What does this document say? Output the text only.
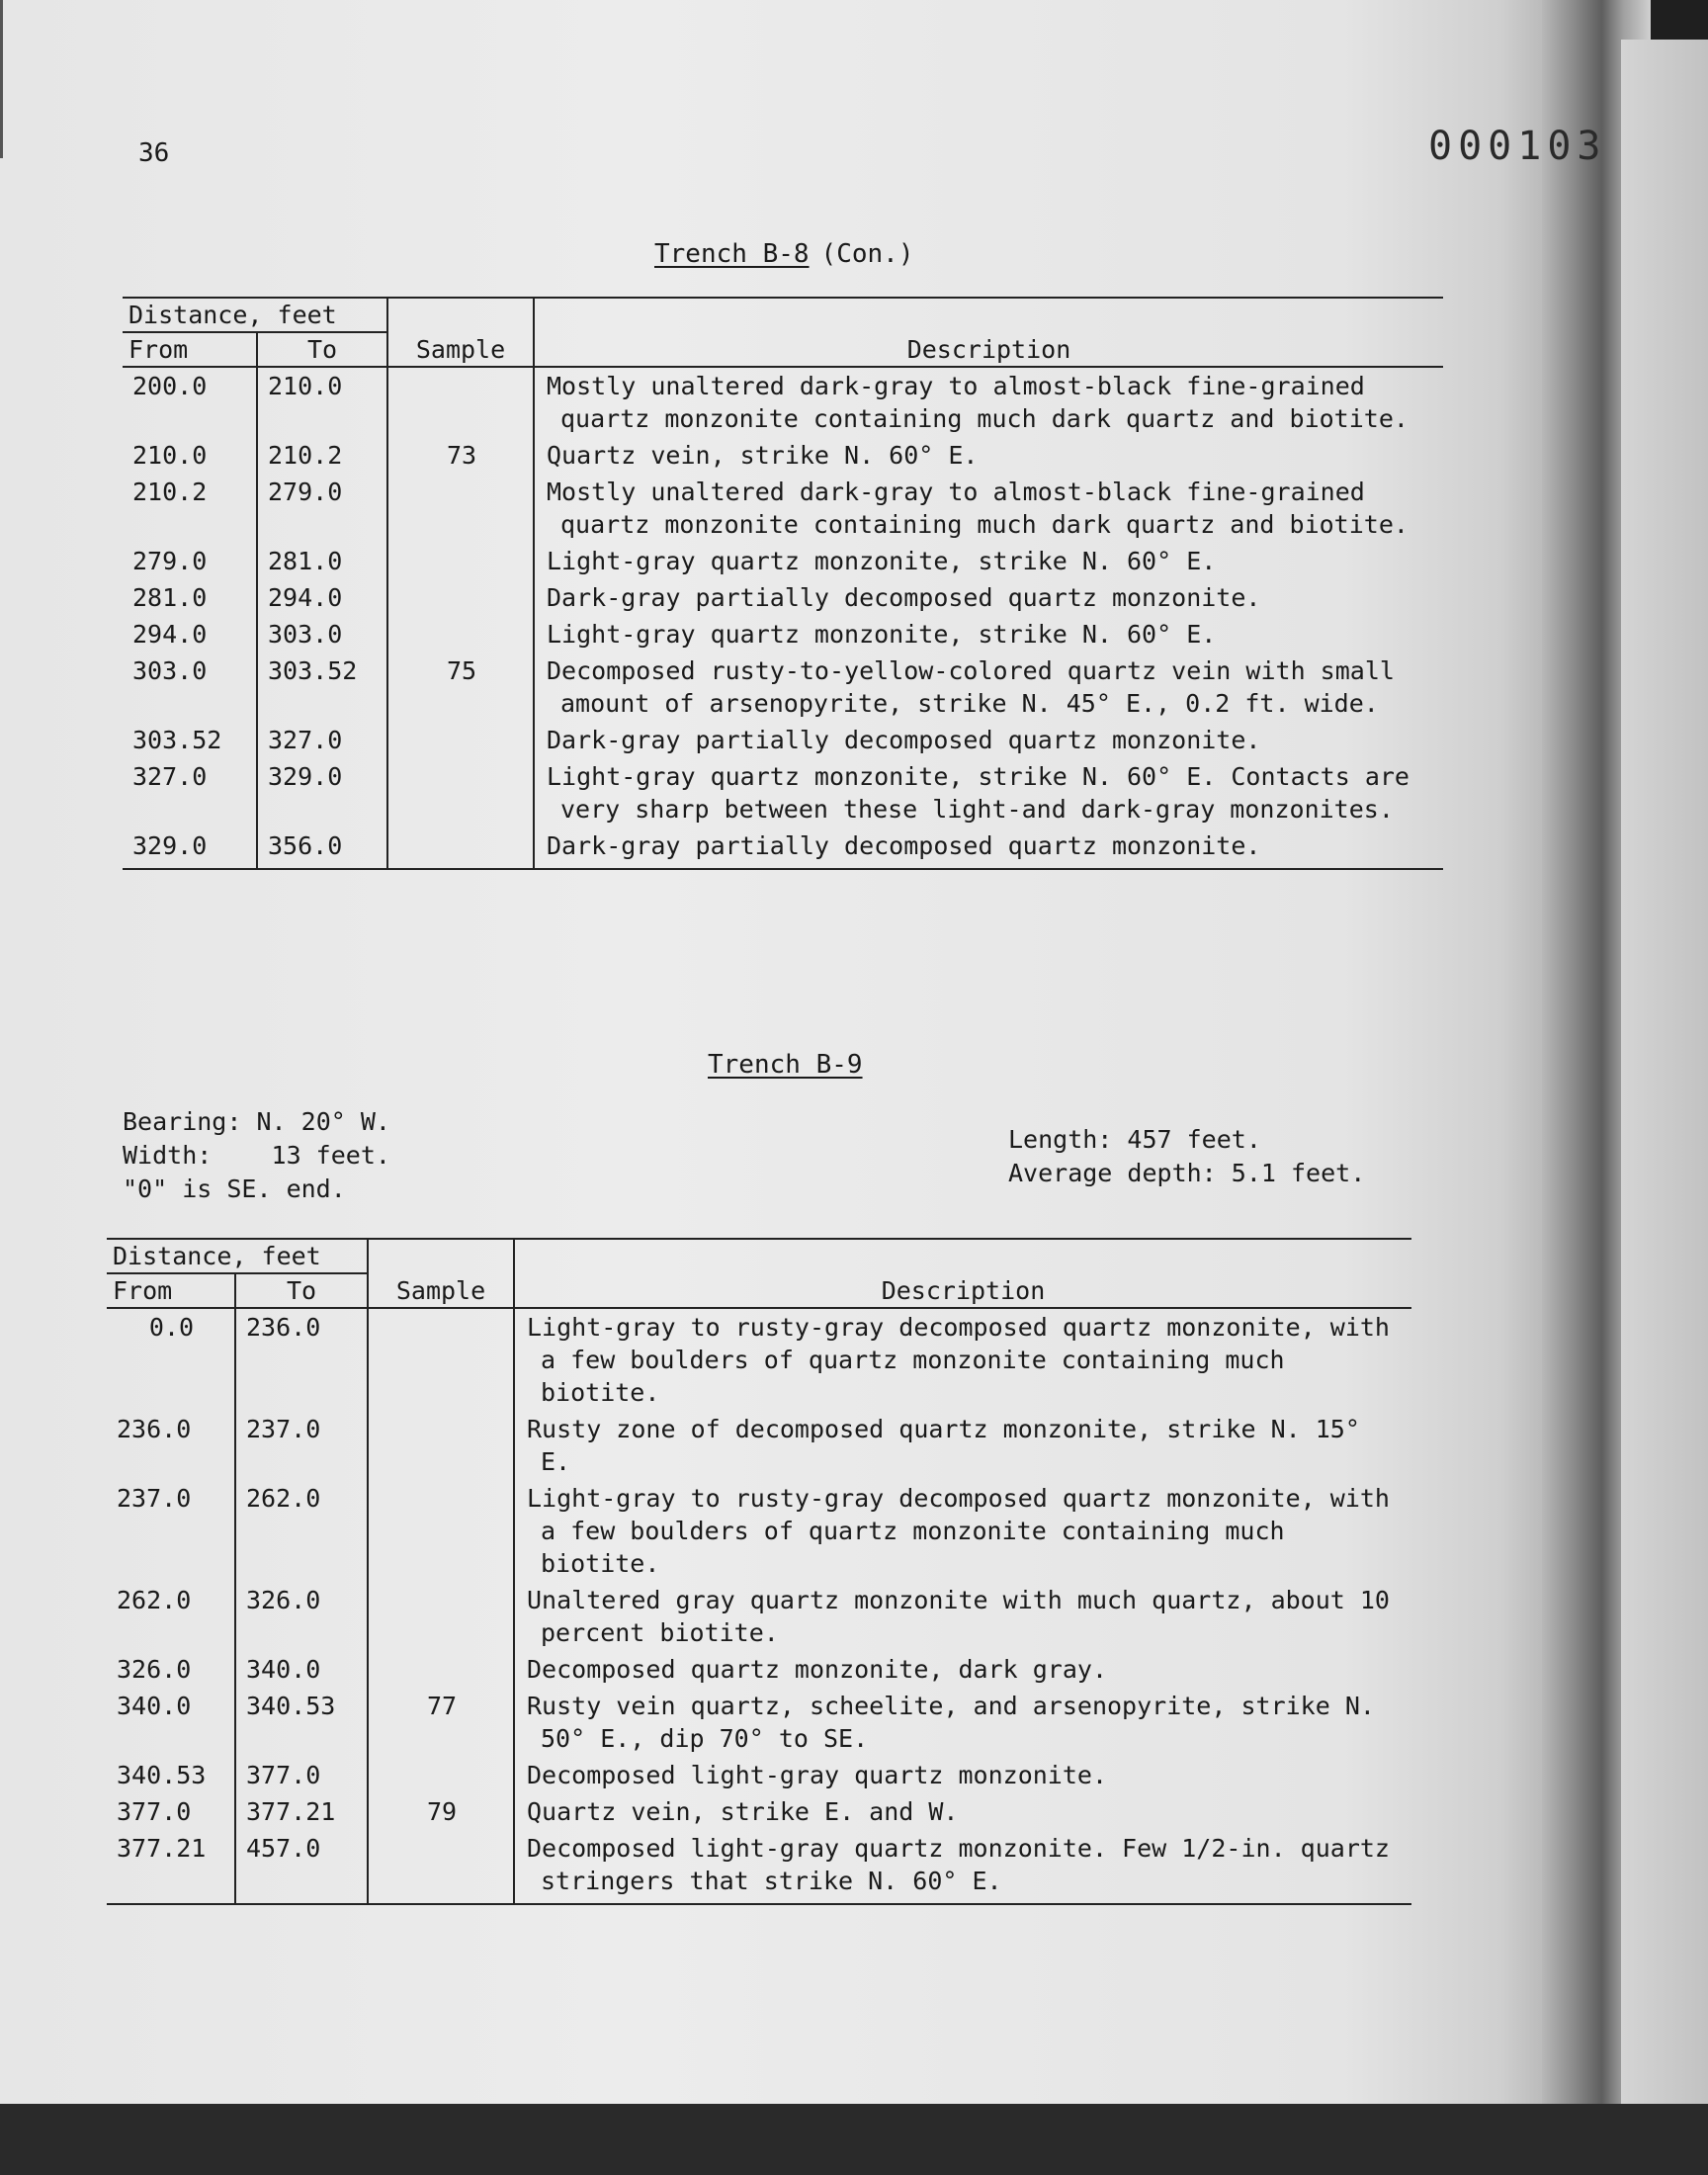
36	000103
Trench B-8 (Con.)
Distance, feet		Sample	Description
From	To		
200.0	210.0		Mostly unaltered dark-gray to almost-black fine-grained quartz monzonite containing much dark quartz and biotite.
210.0	210.2	73	Quartz vein, strike N. 60° E.
210.2	279.0		Mostly unaltered dark-gray to almost-black fine-grained quartz monzonite containing much dark quartz and biotite.
279.0	281.0		Light-gray quartz monzonite, strike N. 60° E.
281.0	294.0		Dark-gray partially decomposed quartz monzonite.
294.0	303.0		Light-gray quartz monzonite, strike N. 60° E.
303.0	303.52	75	Decomposed rusty-to-yellow-colored quartz vein with small amount of arsenopyrite, strike N. 45° E., 0.2 ft. wide.
303.52	327.0		Dark-gray partially decomposed quartz monzonite.
327.0	329.0		Light-gray quartz monzonite, strike N. 60° E. Contacts are very sharp between these light-and dark-gray monzonites.
329.0	356.0		Dark-gray partially decomposed quartz monzonite.
Trench B-9
Bearing: N. 20° W.
Width: 13 feet.
"0" is SE. end.
Length: 457 feet.
Average depth: 5.1 feet.
Distance, feet		Sample	Description
From	To		
0.0	236.0		Light-gray to rusty-gray decomposed quartz monzonite, with a few boulders of quartz monzonite containing much biotite.
236.0	237.0		Rusty zone of decomposed quartz monzonite, strike N. 15° E.
237.0	262.0		Light-gray to rusty-gray decomposed quartz monzonite, with a few boulders of quartz monzonite containing much biotite.
262.0	326.0		Unaltered gray quartz monzonite with much quartz, about 10 percent biotite.
326.0	340.0		Decomposed quartz monzonite, dark gray.
340.0	340.53	77	Rusty vein quartz, scheelite, and arsenopyrite, strike N. 50° E., dip 70° to SE.
340.53	377.0		Decomposed light-gray quartz monzonite.
377.0	377.21	79	Quartz vein, strike E. and W.
377.21	457.0		Decomposed light-gray quartz monzonite. Few 1/2-in. quartz stringers that strike N. 60° E.
